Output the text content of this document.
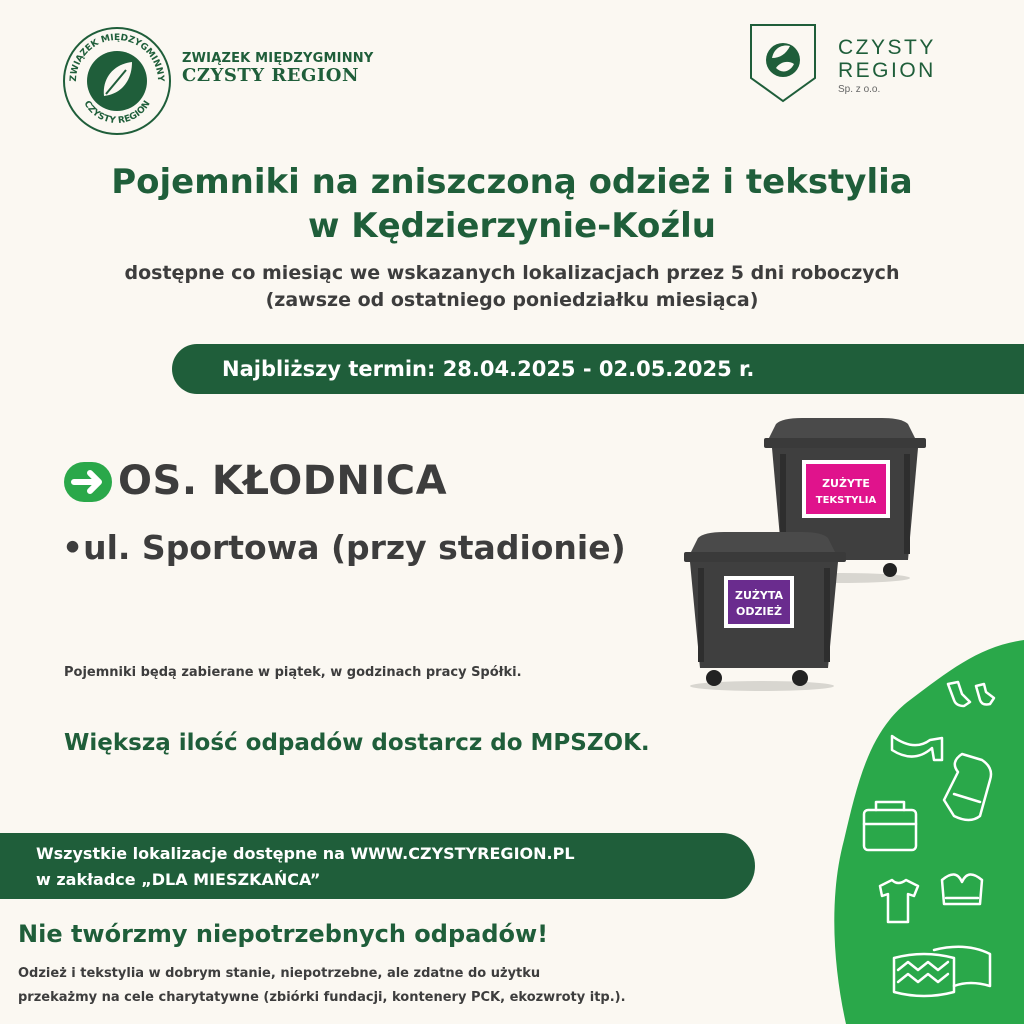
ZWIĄZEK MIĘDZYGMINNY
CZYSTY REGION
ZWIĄZEK MIĘDZYGMINNY
CZYSTY REGION
CZYSTY
REGION
Sp. z o.o.
Pojemniki na zniszczoną odzież i tekstylia
w Kędzierzynie-Koźlu
dostępne co miesiąc we wskazanych lokalizacjach przez 5 dni roboczych
(zawsze od ostatniego poniedziałku miesiąca)
Najbliższy termin: 28.04.2025 - 02.05.2025 r.
OS. KŁODNICA
•ul. Sportowa (przy stadionie)
ZUŻYTE
TEKSTYLIA
ZUŻYTA
ODZIEŻ
Pojemniki będą zabierane w piątek, w godzinach pracy Spółki.
Większą ilość odpadów dostarcz do MPSZOK.
Wszystkie lokalizacje dostępne na WWW.CZYSTYREGION.PL
w zakładce „DLA MIESZKAŃCA”
Nie twórzmy niepotrzebnych odpadów!
Odzież i tekstylia w dobrym stanie, niepotrzebne, ale zdatne do użytku
przekażmy na cele charytatywne (zbiórki fundacji, kontenery PCK, ekozwroty itp.).
